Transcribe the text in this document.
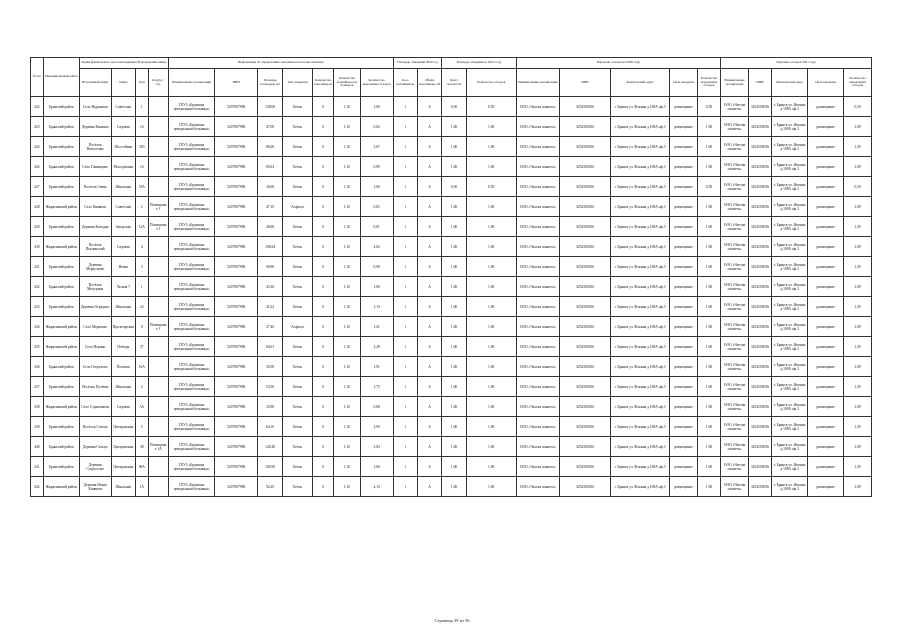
№ п/п	Муниципальный район	Харки фактического местонахождения (В проведении ишка)				Информация об определению заказчиков из потоки значение							Площадь отведения 2020 год		Площадь отведения в 2021 году		Перечень отходов из 2020 году					Перечень отходов 2021 году				
		Населённый пункт	Улица	Дом	Корпус / стр.	Наименование организации	ИНН	Площадь площадки, м2	Тип покрытия	Количество контейнеров	Количество контейнеров и бункеров	Количество вывозимых отходов	К-во контейнеров	Объём контейнера, м3	Класс опасности	Количество отходов	Наименование организации	ИНН	Фактический адрес	Цель передачи	Количество переданных отходов	Наименование организации	ИНН	Фактический адрес	Цель передачи	Количество переданных отходов
422	Брянский район	Село Журиничи	Советская	1		ГБУЗ «Брянская центральная больница»	3207007998	138,00	Бетон	0	1,10	1,69	1	А	0,50	0,50	ООО «Чистая планета»	3254505036	г. Брянск ул. Фокина д.108А оф.3	размещение	0,50	ООО «Чистая планета»	3254505036	г. Брянск ул. Фокина д.108А оф.3	размещение	0,50
423	Брянский район	Деревня Каменка	Садовая	16		ГБУЗ «Брянская центральная больница»	3207007998	47,00	Бетон	0	1,10	0,62	1	А	1,00	1,00	ООО «Чистая планета»	3254505036	г. Брянск ул. Фокина д.108А оф.3	размещение	1,00	ООО «Чистая планета»	3254505036	г. Брянск ул. Фокина д.108А оф.3	размещение	1,00
424	Брянский район	Посёлок Новоселки	Шоссейная	283		ГБУЗ «Брянская центральная больница»	3207007998	86,00	Бетон	0	1,10	3,67	1	А	1,00	1,00	ООО «Чистая планета»	3254505036	г. Брянск ул. Фокина д.108А оф.3	размещение	1,00	ООО «Чистая планета»	3254505036	г. Брянск ул. Фокина д.108А оф.3	размещение	1,00
426	Брянский район	Село Глинищево	Молодёжная	16		ГБУЗ «Брянская центральная больница»	3207007998	83,63	Бетон	0	1,10	0,89	1	А	1,00	1,00	ООО «Чистая планета»	3254505036	г. Брянск ул. Фокина д.108А оф.3	размещение	1,00	ООО «Чистая планета»	3254505036	г. Брянск ул. Фокина д.108А оф.3	размещение	1,00
427	Брянский район	Посёлок Свень	Школьная	33А		ГБУЗ «Брянская центральная больница»	3207007998	16,60	Бетон	0	1,10	1,60	1	А	0,50	0,50	ООО «Чистая планета»	3254505036	г. Брянск ул. Фокина д.108А оф.3	размещение	0,50	ООО «Чистая планета»	3254505036	г. Брянск ул. Фокина д.108А оф.3	размещение	0,50
428	Жирятинский район	Село Княвичи	Советская	2	Помещение 1	ГБУЗ «Брянская центральная больница»	3207007998	47,10	Асфальт	0	1,10	0,65	1	А	1,00	1,00	ООО «Чистая планета»	3254505036	г. Брянск ул. Фокина д.108А оф.3	размещение	1,00	ООО «Чистая планета»	3254505036	г. Брянск ул. Фокина д.108А оф.3	размещение	1,00
429	Брянский район	Деревня Колодня	Заводская	12А	Помещение 1	ГБУЗ «Брянская центральная больница»	3207007998	40,60	Бетон	0	1,10	0,81	1	А	1,00	1,00	ООО «Чистая планета»	3254505036	г. Брянск ул. Фокина д.108А оф.3	размещение	1,00	ООО «Чистая планета»	3254505036	г. Брянск ул. Фокина д.108А оф.3	размещение	1,00
430	Жирятинский район	Посёлок Пеклинский	Садовая	4		ГБУЗ «Брянская центральная больница»	3207007998	108,84	Бетон	0	1,10	2,62	1	А	1,00	1,00	ООО «Чистая планета»	3254505036	г. Брянск ул. Фокина д.108А оф.3	размещение	1,00	ООО «Чистая планета»	3254505036	г. Брянск ул. Фокина д.108А оф.3	размещение	1,00
431	Брянский район	Деревня Меркульево	Новая	3		ГБУЗ «Брянская центральная больница»	3207007998	90,90	Бетон	0	1,10	0,98	1	А	1,00	1,00	ООО «Чистая планета»	3254505036	г. Брянск ул. Фокина д.108А оф.3	размещение	1,00	ООО «Чистая планета»	3254505036	г. Брянск ул. Фокина д.108А оф.3	размещение	1,00
432	Брянский район	Посёлок Мичурина	Лесная 7	1		ГБУЗ «Брянская центральная больница»	3207007998	43,36	Бетон	0	1,10	1,06	1	А	1,00	1,00	ООО «Чистая планета»	3254505036	г. Брянск ул. Фокина д.108А оф.3	размещение	1,00	ООО «Чистая планета»	3254505036	г. Брянск ул. Фокина д.108А оф.3	размещение	1,00
433	Брянский район	Деревня Отрадное	Школьная	24		ГБУЗ «Брянская центральная больница»	3207007998	41,02	Бетон	0	1,10	1,13	1	А	1,00	1,00	ООО «Чистая планета»	3254505036	г. Брянск ул. Фокина д.108А оф.3	размещение	1,00	ООО «Чистая планета»	3254505036	г. Брянск ул. Фокина д.108А оф.3	размещение	1,00
434	Жирятинский район	Село Морачево	Пролетарская	8	Помещение 1	ГБУЗ «Брянская центральная больница»	3207007998	27,40	Асфальт	0	1,10	1,41	1	А	1,00	1,00	ООО «Чистая планета»	3254505036	г. Брянск ул. Фокина д.108А оф.3	размещение	1,00	ООО «Чистая планета»	3254505036	г. Брянск ул. Фокина д.108А оф.3	размещение	1,00
435	Жирятинский район	Село Норино	Победы	37		ГБУЗ «Брянская центральная больница»	3207007998	84,01	Бетон	0	1,10	2,29	1	А	1,00	1,00	ООО «Чистая планета»	3254505036	г. Брянск ул. Фокина д.108А оф.3	размещение	1,00	ООО «Чистая планета»	3254505036	г. Брянск ул. Фокина д.108А оф.3	размещение	1,00
436	Брянский район	Село Огорелово	Полевая	16А		ГБУЗ «Брянская центральная больница»	3207007998	35,00	Бетон	0	1,10	1,91	1	А	1,00	1,00	ООО «Чистая планета»	3254505036	г. Брянск ул. Фокина д.108А оф.3	размещение	1,00	ООО «Чистая планета»	3254505036	г. Брянск ул. Фокина д.108А оф.3	размещение	1,00
437	Брянский район	Посёлок Путёвка	Школьная	2		ГБУЗ «Брянская центральная больница»	3207007998	53,50	Бетон	0	1,10	1,75	1	А	1,00	1,00	ООО «Чистая планета»	3254505036	г. Брянск ул. Фокина д.108А оф.3	размещение	1,00	ООО «Чистая планета»	3254505036	г. Брянск ул. Фокина д.108А оф.3	размещение	1,00
438	Жирятинский район	Село Страшевичи	Садовая	5А		ГБУЗ «Брянская центральная больница»	3207007998	33,90	Бетон	0	1,10	0,68	1	А	1,00	1,00	ООО «Чистая планета»	3254505036	г. Брянск ул. Фокина д.108А оф.3	размещение	1,00	ООО «Чистая планета»	3254505036	г. Брянск ул. Фокина д.108А оф.3	размещение	1,00
439	Брянский район	Посёлок Сельцо	Центральная	5		ГБУЗ «Брянская центральная больница»	3207007998	64,10	Бетон	0	1,10	2,90	1	А	1,00	1,00	ООО «Чистая планета»	3254505036	г. Брянск ул. Фокина д.108А оф.3	размещение	1,00	ООО «Чистая планета»	3254505036	г. Брянск ул. Фокина д.108А оф.3	размещение	1,00
440	Брянский район	Деревня Сельцо	Центральная	38	Помещение 1А	ГБУЗ «Брянская центральная больница»	3207007998	128,40	Бетон	0	1,10	3,84	1	А	1,00	1,00	ООО «Чистая планета»	3254505036	г. Брянск ул. Фокина д.108А оф.3	размещение	1,00	ООО «Чистая планета»	3254505036	г. Брянск ул. Фокина д.108А оф.3	размещение	1,00
441	Брянский район	Деревня Староселье	Центральная	98А		ГБУЗ «Брянская центральная больница»	3207007998	100,90	Бетон	0	1,10	1,66	1	А	1,00	1,00	ООО «Чистая планета»	3254505036	г. Брянск ул. Фокина д.108А оф.3	размещение	1,00	ООО «Чистая планета»	3254505036	г. Брянск ул. Фокина д.108А оф.3	размещение	1,00
442	Жирятинский район	Деревня Новая Княвичи	Школьная	1А		ГБУЗ «Брянская центральная больница»	3207007998	92,20	Бетон	0	1,10	4,13	1	А	1,00	1,00	ООО «Чистая планета»	3254505036	г. Брянск ул. Фокина д.108А оф.3	размещение	1,00	ООО «Чистая планета»	3254505036	г. Брянск ул. Фокина д.108А оф.3	размещение	1,00
Страница 39 из 56
